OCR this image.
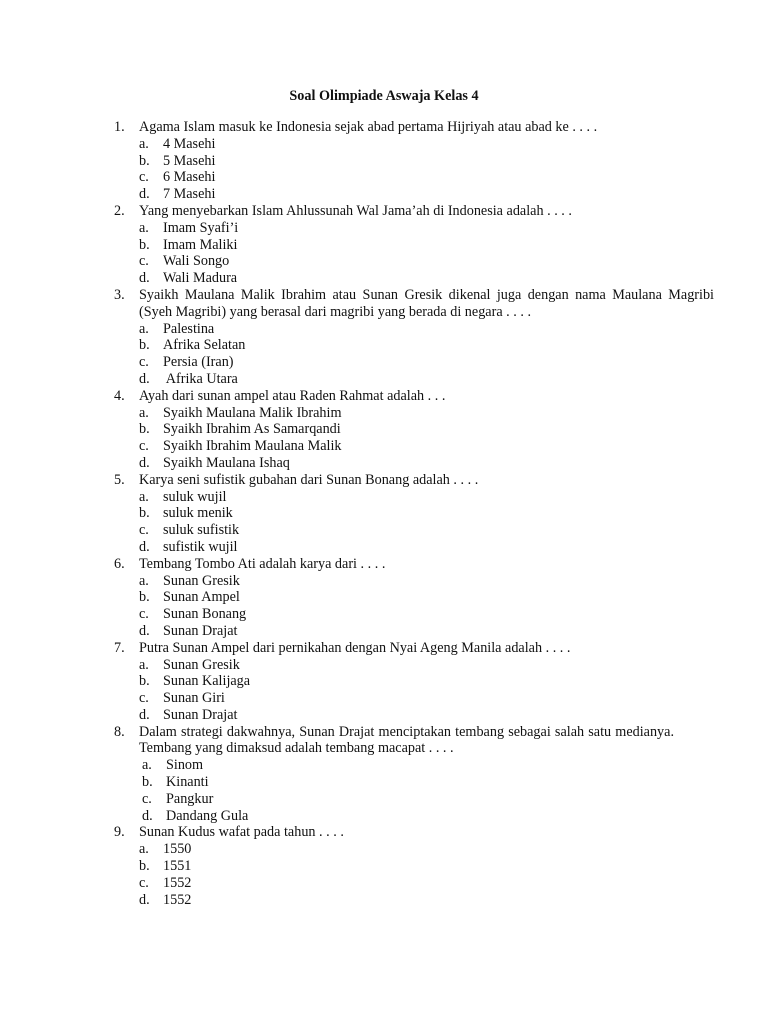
Soal Olimpiade Aswaja Kelas 4
1.	Agama Islam masuk ke Indonesia sejak abad pertama Hijriyah atau abad ke . . . .
a. 4 Masehi
b. 5 Masehi
c. 6 Masehi
d. 7 Masehi
2.	Yang menyebarkan Islam Ahlussunah Wal Jama’ah di Indonesia adalah . . . .
a. Imam Syafi’i
b. Imam Maliki
c. Wali Songo
d. Wali Madura
3.	Syaikh Maulana Malik Ibrahim atau Sunan Gresik dikenal juga dengan nama Maulana Magribi (Syeh Magribi) yang berasal dari magribi yang berada di negara . . . .
a. Palestina
b. Afrika Selatan
c. Persia (Iran)
d. Afrika Utara
4.	Ayah dari sunan ampel atau Raden Rahmat adalah . . .
a. Syaikh Maulana Malik Ibrahim
b. Syaikh Ibrahim As Samarqandi
c. Syaikh Ibrahim Maulana Malik
d. Syaikh Maulana Ishaq
5.	Karya seni sufistik gubahan dari Sunan Bonang adalah . . . .
a. suluk wujil
b. suluk menik
c. suluk sufistik
d. sufistik wujil
6.	Tembang Tombo Ati adalah karya dari . . . .
a. Sunan Gresik
b. Sunan Ampel
c. Sunan Bonang
d. Sunan Drajat
7.	Putra Sunan Ampel dari pernikahan dengan Nyai Ageng Manila adalah . . . .
a. Sunan Gresik
b. Sunan Kalijaga
c. Sunan Giri
d. Sunan Drajat
8.	Dalam strategi dakwahnya, Sunan Drajat menciptakan tembang sebagai salah satu medianya. Tembang yang dimaksud adalah tembang macapat . . . .
a. Sinom
b. Kinanti
c. Pangkur
d. Dandang Gula
9.	Sunan Kudus wafat pada tahun . . . .
a. 1550
b. 1551
c. 1552
d. 1552
